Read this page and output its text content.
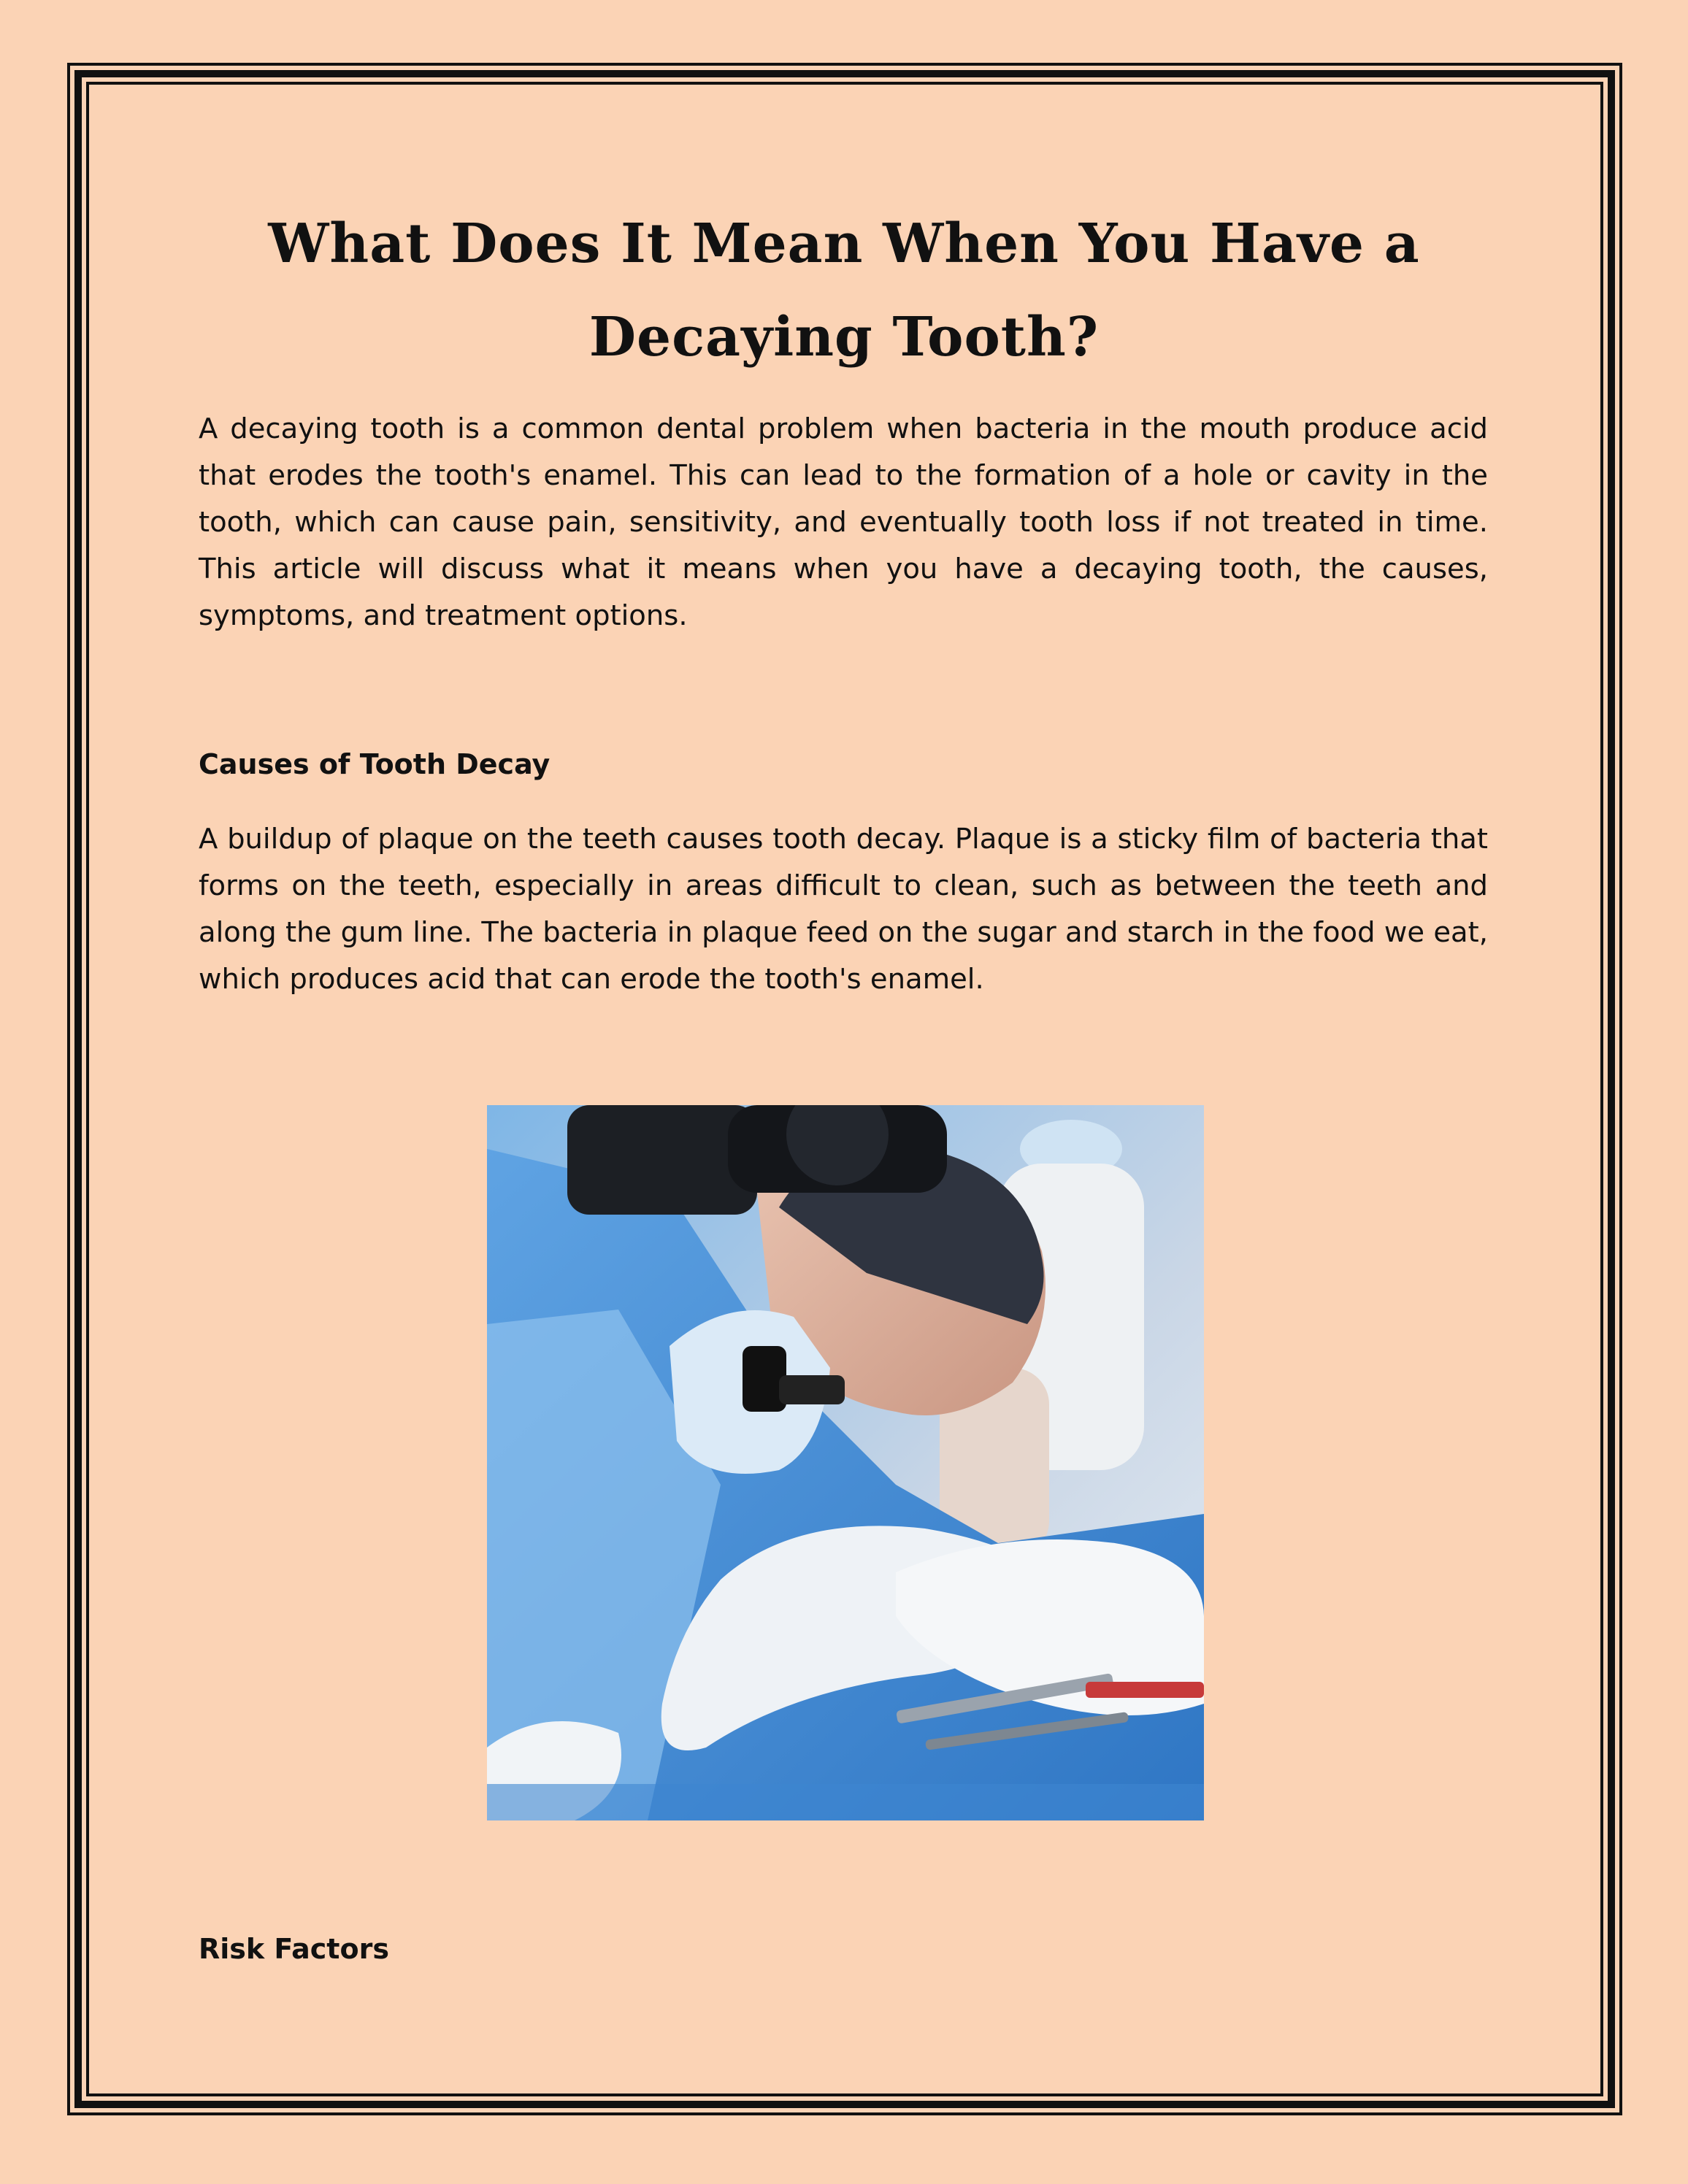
What Does It Mean When You Have a Decaying Tooth?

A decaying tooth is a common dental problem when bacteria in the mouth produce acid that erodes the tooth's enamel. This can lead to the formation of a hole or cavity in the tooth, which can cause pain, sensitivity, and eventually tooth loss if not treated in time. This article will discuss what it means when you have a decaying tooth, the causes, symptoms, and treatment options.

Causes of Tooth Decay

A buildup of plaque on the teeth causes tooth decay. Plaque is a sticky film of bacteria that forms on the teeth, especially in areas difficult to clean, such as between the teeth and along the gum line. The bacteria in plaque feed on the sugar and starch in the food we eat, which produces acid that can erode the tooth's enamel.

Risk Factors
